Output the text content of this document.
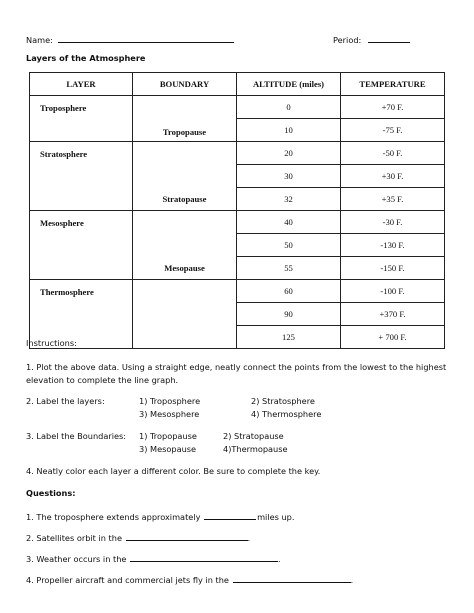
Name:	Period:
Layers of the Atmosphere
LAYER	BOUNDARY	ALTITUDE (miles)	TEMPERATURE
Troposphere	Tropopause	0	+70 F.
		10	-75 F.
Stratosphere	Stratopause	20	-50 F.
		30	+30 F.
		32	+35 F.
Mesosphere	Mesopause	40	-30 F.
		50	-130 F.
		55	-150 F.
Thermosphere		60	-100 F.
		90	+370 F.
		125	+ 700 F.
Instructions:
1. Plot the above data. Using a straight edge, neatly connect the points from the lowest to the highest
elevation to complete the line graph.
2. Label the layers:	1) Troposphere	2) Stratosphere
3) Mesosphere	4) Thermosphere
3. Label the Boundaries: 1) Tropopause	2) Stratopause
3) Mesopause	4)Thermopause
4. Neatly color each layer a different color. Be sure to complete the key.
Questions:
1. The troposphere extends approximately	miles up.
2. Satellites orbit in the	.
3. Weather occurs in the	.
4. Propeller aircraft and commercial jets fly in the	.
